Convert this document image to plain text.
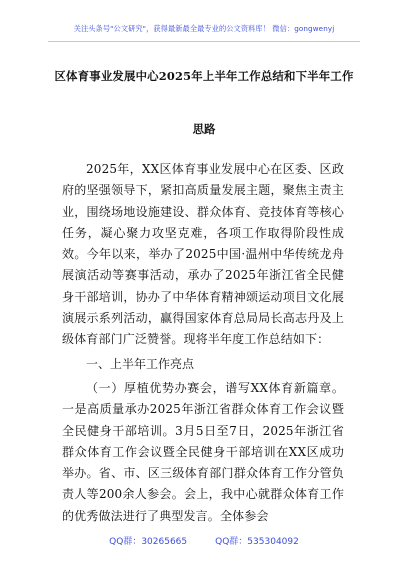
关注头条号"公文研究"，获得最新最全最专业的公文资料库！ 微信：gongwenyj
区体育事业发展中心2025年上半年工作总结和下半年工作
思路

2025年，XX区体育事业发展中心在区委、区政府的坚强领导下，紧扣高质量发展主题，聚焦主责主业，围绕场地设施建设、群众体育、竞技体育等核心任务，凝心聚力攻坚克难，各项工作取得阶段性成效。今年以来，举办了2025中国·温州中华传统龙舟展演活动等赛事活动，承办了2025年浙江省全民健身干部培训，协办了中华体育精神颂运动项目文化展演展示系列活动，赢得国家体育总局局长高志丹及上级体育部门广泛赞誉。现将半年度工作总结如下：

一、上半年工作亮点

（一）厚植优势办赛会，谱写XX体育新篇章。一是高质量承办2025年浙江省群众体育工作会议暨全民健身干部培训。3月5日至7日，2025年浙江省群众体育工作会议暨全民健身干部培训在XX区成功举办。省、市、区三级体育部门群众体育工作分管负责人等200余人参会。会上，我中心就群众体育工作的优秀做法进行了典型发言。全体参会

QQ群：30265665	QQ群：535304092
